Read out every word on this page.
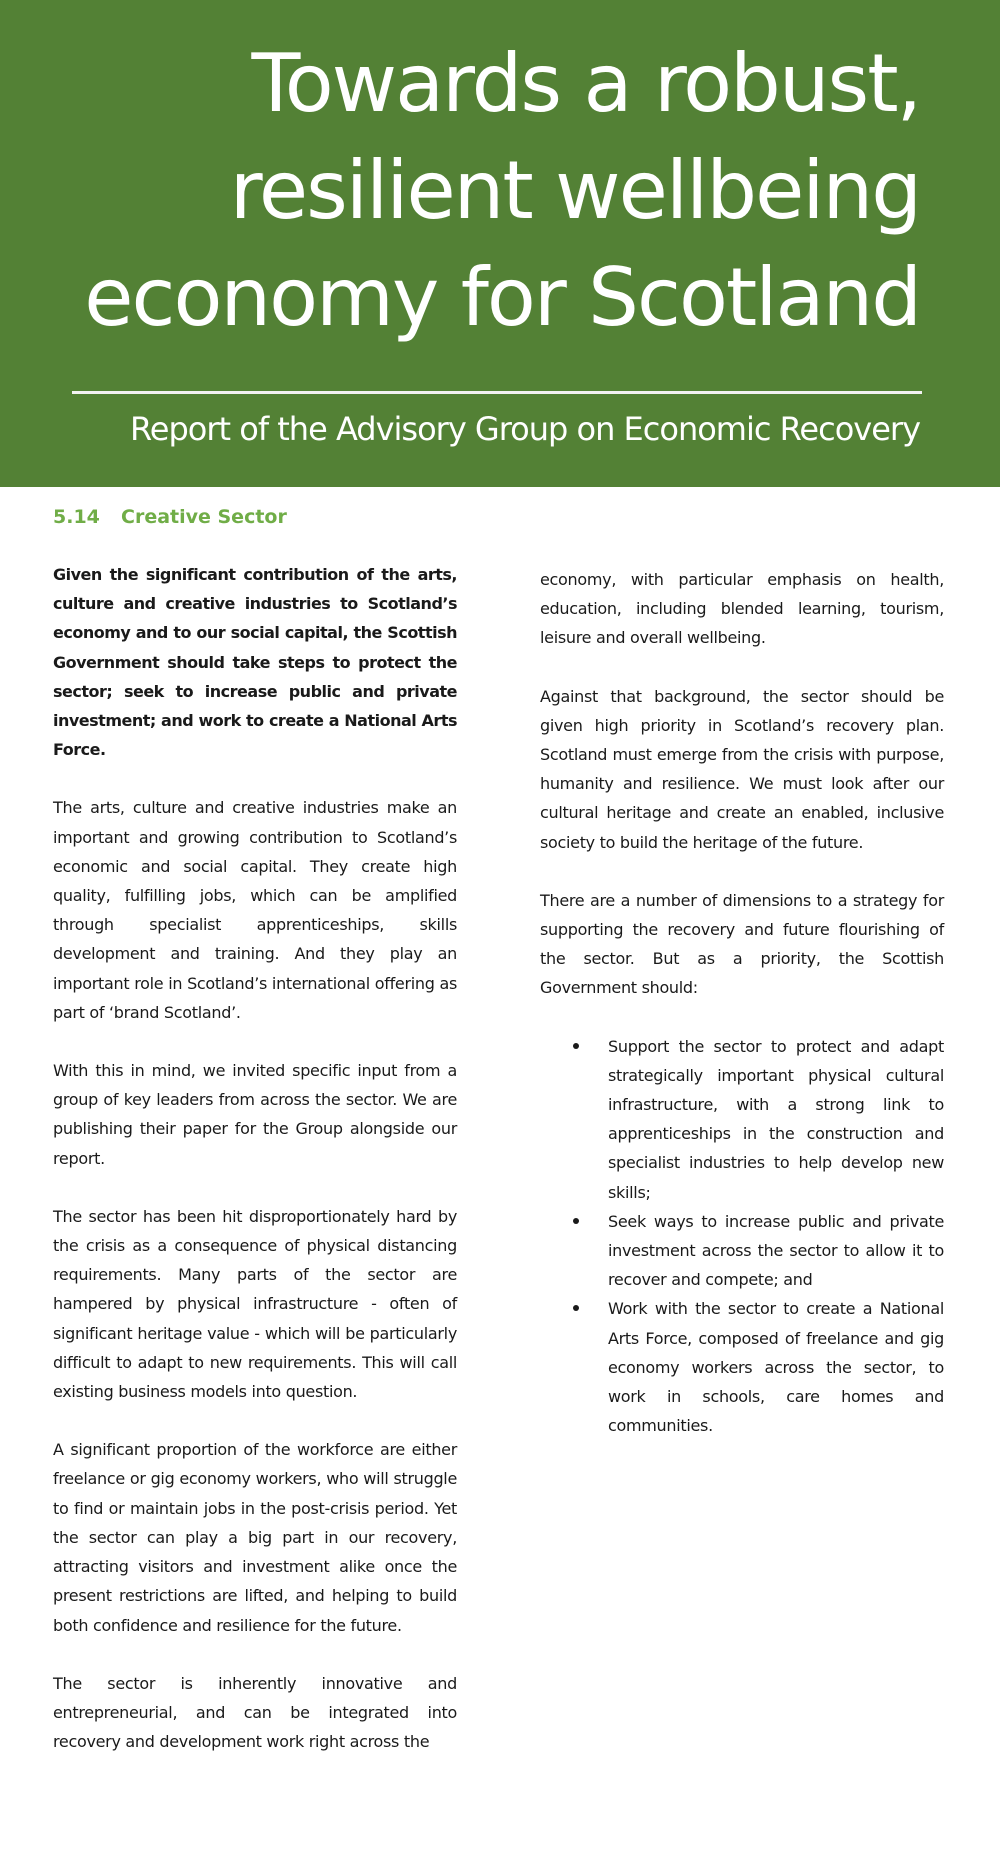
Towards a robust,
resilient wellbeing
economy for Scotland
Report of the Advisory Group on Economic Recovery
5.14 Creative Sector

Given the significant contribution of the arts, culture and creative industries to Scotland’s economy and to our social capital, the Scottish Government should take steps to protect the sector; seek to increase public and private investment; and work to create a National Arts Force.

The arts, culture and creative industries make an important and growing contribution to Scotland’s economic and social capital. They create high quality, fulfilling jobs, which can be amplified through specialist apprenticeships, skills development and training. And they play an important role in Scotland’s international offering as part of ‘brand Scotland’.

With this in mind, we invited specific input from a group of key leaders from across the sector. We are publishing their paper for the Group alongside our report.

The sector has been hit disproportionately hard by the crisis as a consequence of physical distancing requirements. Many parts of the sector are hampered by physical infrastructure - often of significant heritage value - which will be particularly difficult to adapt to new requirements. This will call existing business models into question.

A significant proportion of the workforce are either freelance or gig economy workers, who will struggle to find or maintain jobs in the post-crisis period. Yet the sector can play a big part in our recovery, attracting visitors and investment alike once the present restrictions are lifted, and helping to build both confidence and resilience for the future.

The sector is inherently innovative and entrepreneurial, and can be integrated into recovery and development work right across the

economy, with particular emphasis on health, education, including blended learning, tourism, leisure and overall wellbeing.

Against that background, the sector should be given high priority in Scotland’s recovery plan. Scotland must emerge from the crisis with purpose, humanity and resilience. We must look after our cultural heritage and create an enabled, inclusive society to build the heritage of the future.

There are a number of dimensions to a strategy for supporting the recovery and future flourishing of the sector. But as a priority, the Scottish Government should:

Support the sector to protect and adapt strategically important physical cultural infrastructure, with a strong link to apprenticeships in the construction and specialist industries to help develop new skills;
Seek ways to increase public and private investment across the sector to allow it to recover and compete; and
Work with the sector to create a National Arts Force, composed of freelance and gig economy workers across the sector, to work in schools, care homes and communities.
